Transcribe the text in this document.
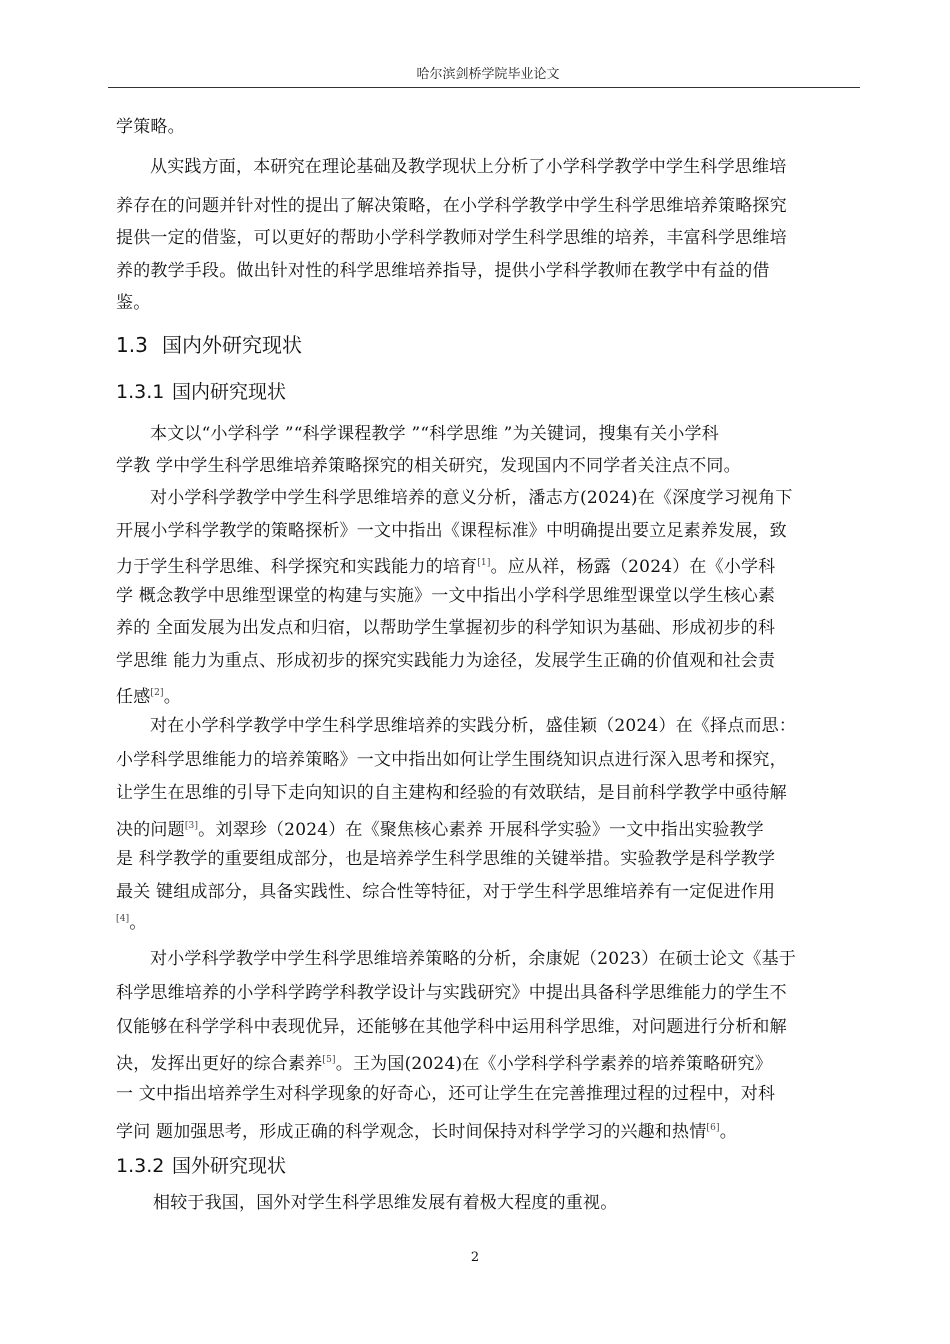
哈尔滨剑桥学院毕业论文
学策略。
从实践方面，本研究在理论基础及教学现状上分析了小学科学教学中学生科学思维培
养存在的问题并针对性的提出了解决策略，在小学科学教学中学生科学思维培养策略探究
提供一定的借鉴，可以更好的帮助小学科学教师对学生科学思维的培养，丰富科学思维培
养的教学手段。做出针对性的科学思维培养指导，提供小学科学教师在教学中有益的借
鉴。
1.3 国内外研究现状
1.3.1 国内研究现状
本文以“小学科学 ”“科学课程教学 ”“科学思维 ”为关键词，搜集有关小学科
学教 学中学生科学思维培养策略探究的相关研究，发现国内不同学者关注点不同。
对小学科学教学中学生科学思维培养的意义分析，潘志方(2024)在《深度学习视角下
开展小学科学教学的策略探析》一文中指出《课程标准》中明确提出要立足素养发展，致
力于学生科学思维、科学探究和实践能力的培育[1]。应从祥，杨露（2024）在《小学科
学 概念教学中思维型课堂的构建与实施》一文中指出小学科学思维型课堂以学生核心素
养的 全面发展为出发点和归宿，以帮助学生掌握初步的科学知识为基础、形成初步的科
学思维 能力为重点、形成初步的探究实践能力为途径，发展学生正确的价值观和社会责
任感[2]。
对在小学科学教学中学生科学思维培养的实践分析，盛佳颖（2024）在《择点而思：
小学科学思维能力的培养策略》一文中指出如何让学生围绕知识点进行深入思考和探究，
让学生在思维的引导下走向知识的自主建构和经验的有效联结，是目前科学教学中亟待解
决的问题[3]。刘翠珍（2024）在《聚焦核心素养 开展科学实验》一文中指出实验教学
是 科学教学的重要组成部分，也是培养学生科学思维的关键举措。实验教学是科学教学
最关 键组成部分，具备实践性、综合性等特征，对于学生科学思维培养有一定促进作用
[4]。
对小学科学教学中学生科学思维培养策略的分析，余康妮（2023）在硕士论文《基于
科学思维培养的小学科学跨学科教学设计与实践研究》中提出具备科学思维能力的学生不
仅能够在科学学科中表现优异，还能够在其他学科中运用科学思维，对问题进行分析和解
决，发挥出更好的综合素养[5]。王为国(2024)在《小学科学科学素养的培养策略研究》
一 文中指出培养学生对科学现象的好奇心，还可让学生在完善推理过程的过程中，对科
学问 题加强思考，形成正确的科学观念，长时间保持对科学学习的兴趣和热情[6]。
1.3.2 国外研究现状
相较于我国，国外对学生科学思维发展有着极大程度的重视。
2
